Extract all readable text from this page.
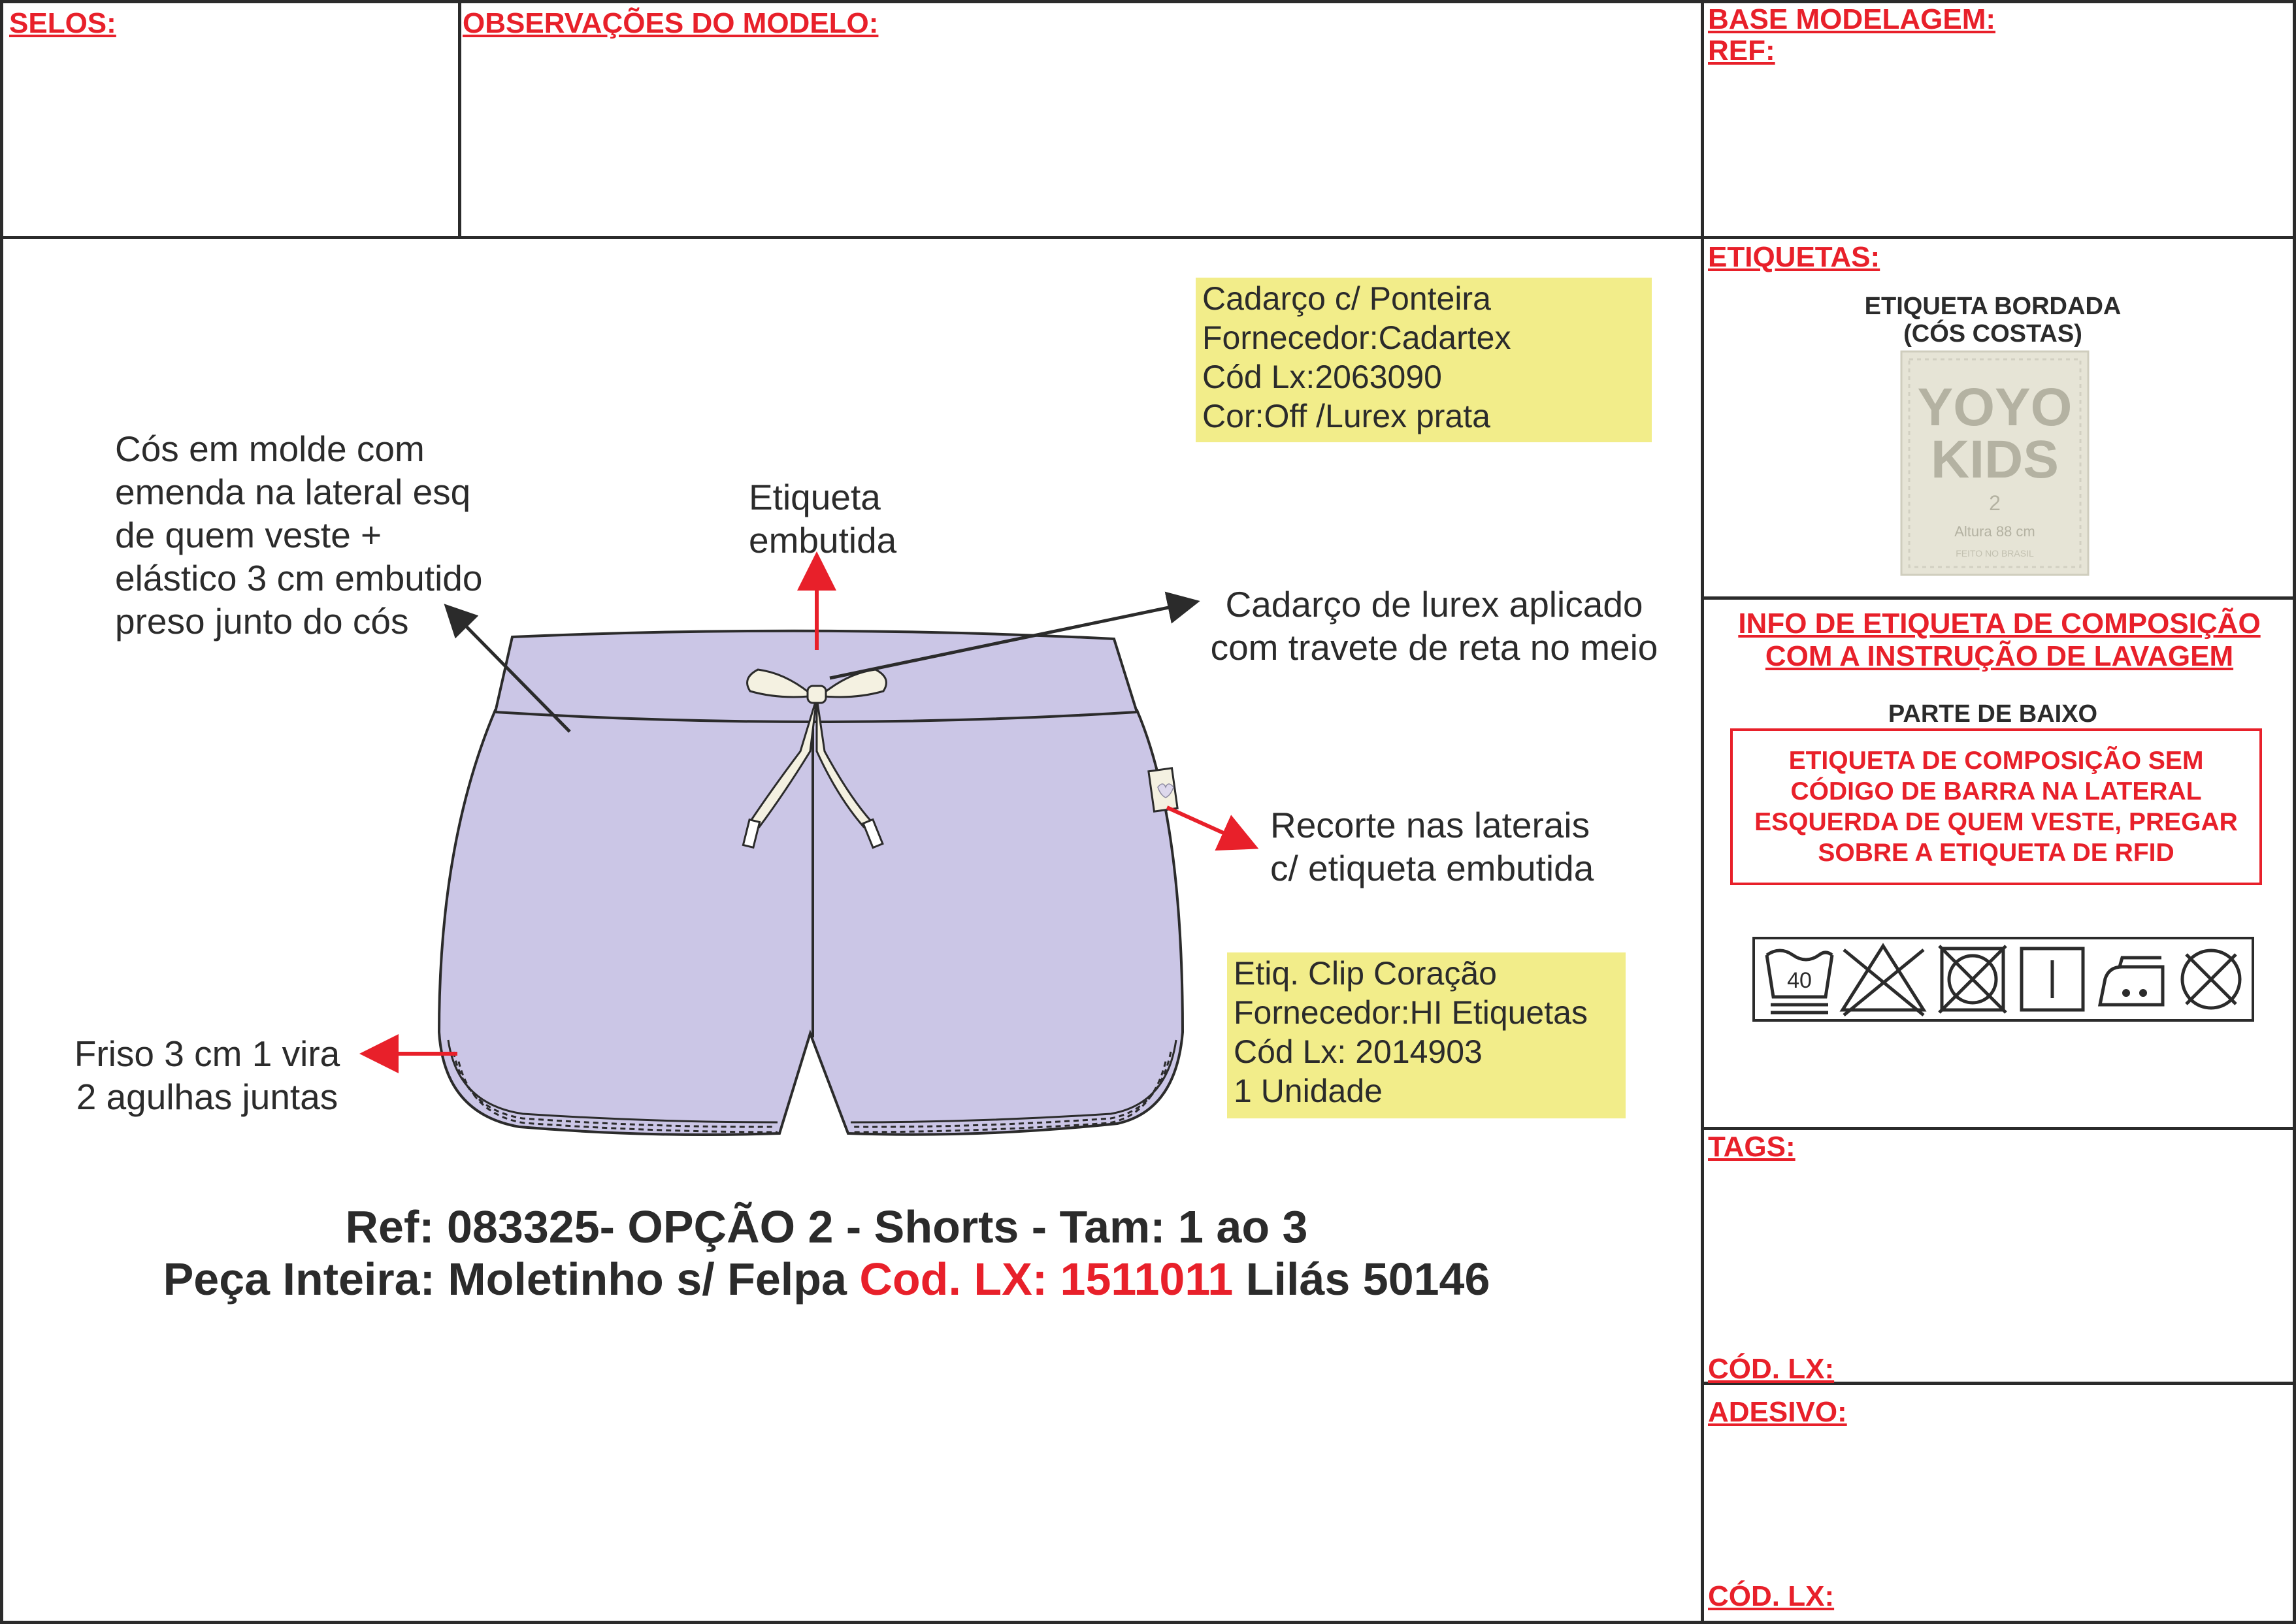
SELOS:	OBSERVAÇÕES DO MODELO:	BASE MODELAGEM:
REF:
ETIQUETAS:
ETIQUETA BORDADA
(CÓS COSTAS)
YOYO
KIDS
2
Altura 88 cm
FEITO NO BRASIL
INFO DE ETIQUETA DE COMPOSIÇÃO
COM A INSTRUÇÃO DE LAVAGEM
PARTE DE BAIXO
ETIQUETA DE COMPOSIÇÃO SEM
CÓDIGO DE BARRA NA LATERAL
ESQUERDA DE QUEM VESTE, PREGAR
SOBRE A ETIQUETA DE RFID
40
TAGS:
CÓD. LX:
ADESIVO:
CÓD. LX:
Cadarço c/ Ponteira
Fornecedor:Cadartex
Cód Lx:2063090
Cor:Off /Lurex prata
Etiq. Clip Coração
Fornecedor:HI Etiquetas
Cód Lx: 2014903
1 Unidade
Cós em molde com
emenda na lateral esq
de quem veste +
elástico 3 cm embutido
preso junto do cós
Etiqueta
embutida
Cadarço de lurex aplicado
com travete de reta no meio
Recorte nas laterais
c/ etiqueta embutida
Friso 3 cm 1 vira
2 agulhas juntas
Ref: 083325- OPÇÃO 2 - Shorts - Tam: 1 ao 3
Peça Inteira: Moletinho s/ Felpa Cod. LX: 1511011 Lilás 50146
